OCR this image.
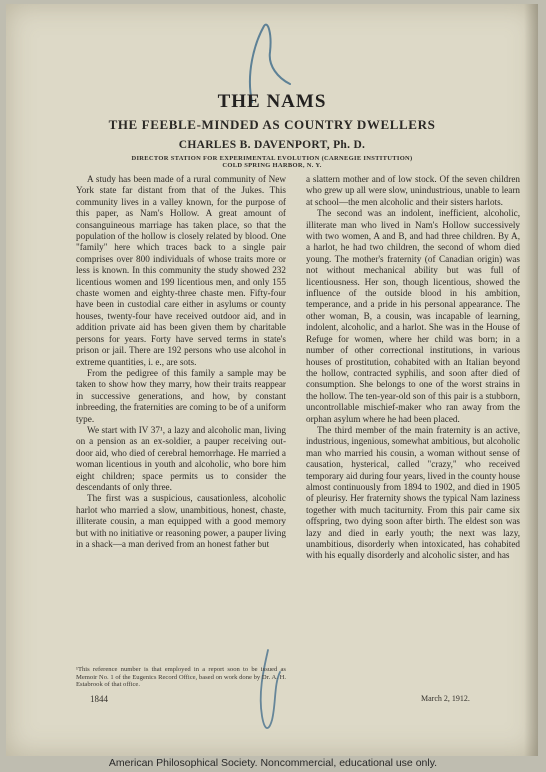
THE NAMS
THE FEEBLE-MINDED AS COUNTRY DWELLERS
CHARLES B. DAVENPORT, Ph. D.
DIRECTOR STATION FOR EXPERIMENTAL EVOLUTION (CARNEGIE INSTITUTION)
COLD SPRING HARBOR, N. Y.

A study has been made of a rural community of New York state far distant from that of the Jukes. This community lives in a valley known, for the purpose of this paper, as Nam's Hollow. A great amount of consanguineous marriage has taken place, so that the population of the hollow is closely related by blood. One "family" here which traces back to a single pair comprises over 800 individuals of whose traits more or less is known. In this community the study showed 232 licentious women and 199 licentious men, and only 155 chaste women and eighty-three chaste men. Fifty-four have been in custodial care either in asylums or county houses, twenty-four have received outdoor aid, and in addition private aid has been given them by charitable persons for years. Forty have served terms in state's prison or jail. There are 192 persons who use alcohol in extreme quantities, i. e., are sots.

From the pedigree of this family a sample may be taken to show how they marry, how their traits reappear in successive generations, and how, by constant inbreeding, the fraternities are coming to be of a uniform type.

We start with IV 37¹, a lazy and alcoholic man, living on a pension as an ex-soldier, a pauper receiving out-door aid, who died of cerebral hemorrhage. He married a woman licentious in youth and alcoholic, who bore him eight children; space permits us to consider the descendants of only three.

The first was a suspicious, causationless, alcoholic harlot who married a slow, unambitious, honest, chaste, illiterate cousin, a man equipped with a good memory but with no initiative or reasoning power, a pauper living in a shack—a man derived from an honest father but

a slattern mother and of low stock. Of the seven children who grew up all were slow, unindustrious, unable to learn at school—the men alcoholic and their sisters harlots.

The second was an indolent, inefficient, alcoholic, illiterate man who lived in Nam's Hollow successively with two women, A and B, and had three children. By A, a harlot, he had two children, the second of whom died young. The mother's fraternity (of Canadian origin) was not without mechanical ability but was full of licentiousness. Her son, though licentious, showed the influence of the outside blood in his ambition, temperance, and a pride in his personal appearance. The other woman, B, a cousin, was incapable of learning, indolent, alcoholic, and a harlot. She was in the House of Refuge for women, where her child was born; in a number of other correctional institutions, in various houses of prostitution, cohabited with an Italian beyond the hollow, contracted syphilis, and soon after died of consumption. She belongs to one of the worst strains in the hollow. The ten-year-old son of this pair is a stubborn, uncontrollable mischief-maker who ran away from the orphan asylum where he had been placed.

The third member of the main fraternity is an active, industrious, ingenious, somewhat ambitious, but alcoholic man who married his cousin, a woman without sense of causation, hysterical, called "crazy," who received temporary aid during four years, lived in the county house almost continuously from 1894 to 1902, and died in 1905 of pleurisy. Her fraternity shows the typical Nam laziness together with much taciturnity. From this pair came six offspring, two dying soon after birth. The eldest son was lazy and died in early youth; the next was lazy, unambitious, disorderly when intoxicated, has cohabited with his equally disorderly and alcoholic sister, and has

¹This reference number is that employed in a report soon to be issued as Memoir No. 1 of the Eugenics Record Office, based on work done by Dr. A. H. Estabrook of that office.
1844	March 2, 1912.
American Philosophical Society. Noncommercial, educational use only.
